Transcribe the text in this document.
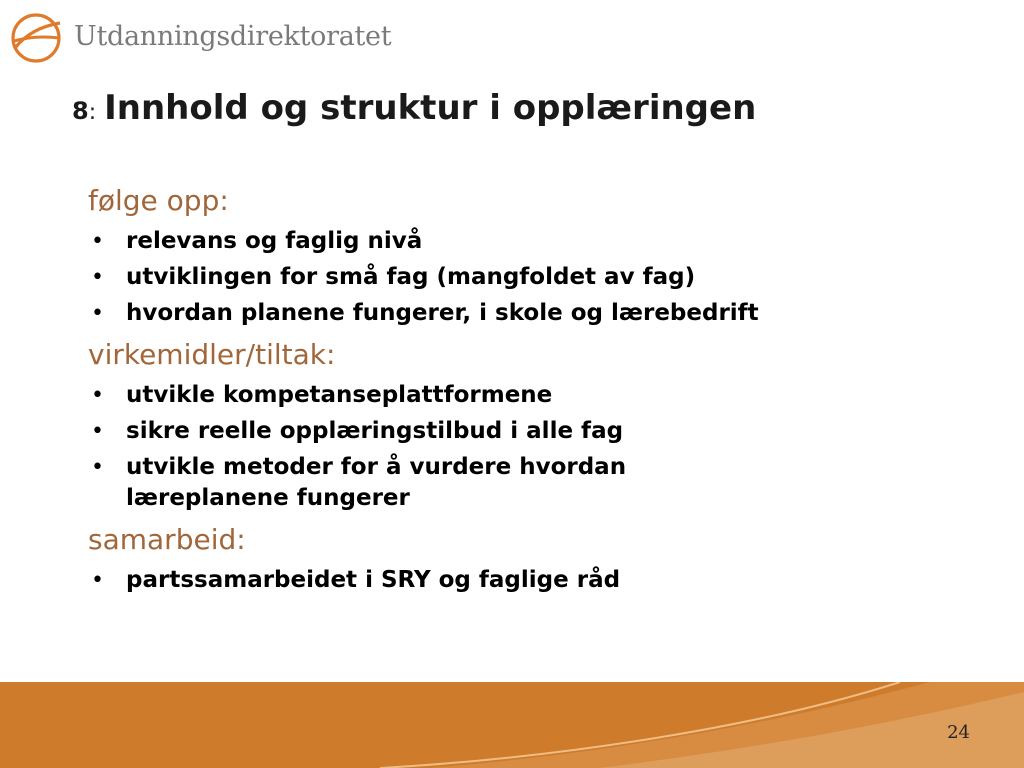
Utdanningsdirektoratet
8: Innhold og struktur i opplæringen

følge opp:

• relevans og faglig nivå
• utviklingen for små fag (mangfoldet av fag)
• hvordan planene fungerer, i skole og lærebedrift

virkemidler/tiltak:

• utvikle kompetanseplattformene
• sikre reelle opplæringstilbud i alle fag
• utvikle metoder for å vurdere hvordan læreplanene fungerer

samarbeid:

• partssamarbeidet i SRY og faglige råd
24
